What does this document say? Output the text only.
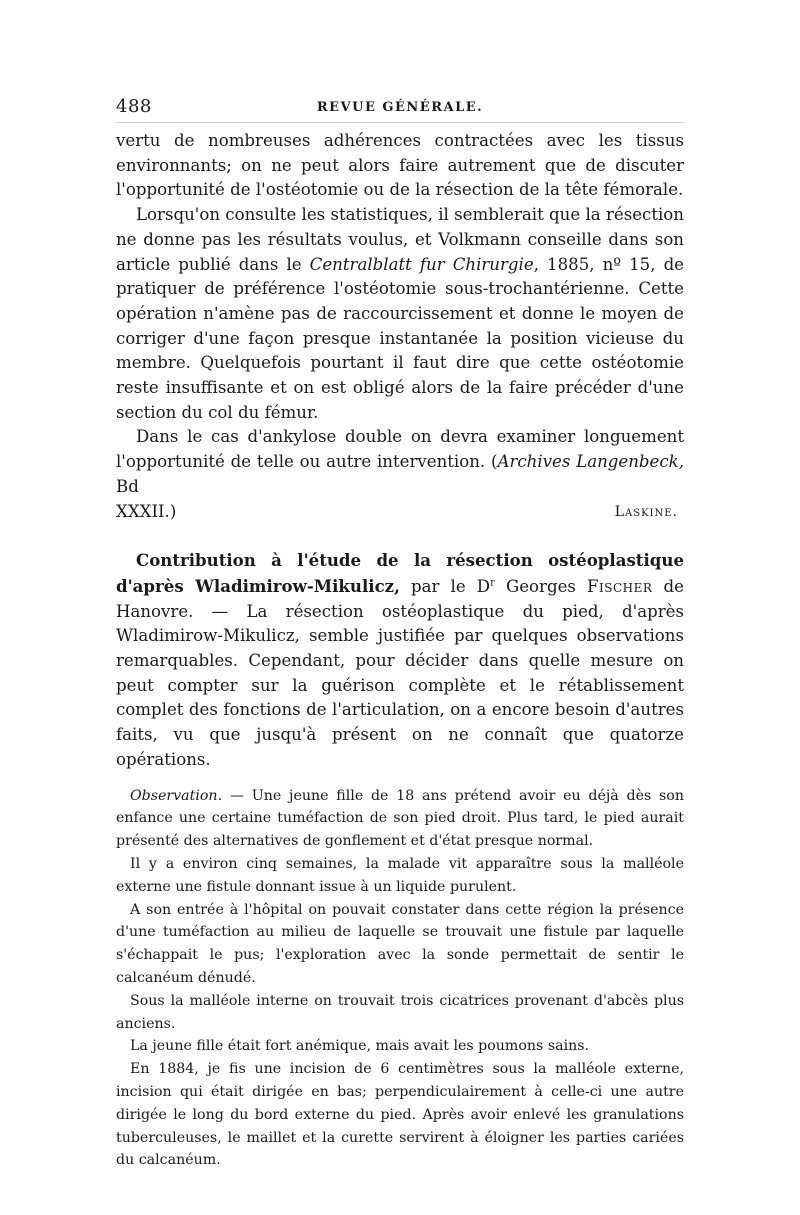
488	REVUE GÉNÉRALE.

vertu de nombreuses adhérences contractées avec les tissus environnants; on ne peut alors faire autrement que de discuter l'opportunité de l'ostéotomie ou de la résection de la tête fémorale.

Lorsqu'on consulte les statistiques, il semblerait que la résection ne donne pas les résultats voulus, et Volkmann conseille dans son article publié dans le Centralblatt fur Chirurgie, 1885, nº 15, de pratiquer de préférence l'ostéotomie sous-trochantérienne. Cette opération n'amène pas de raccourcissement et donne le moyen de corriger d'une façon presque instantanée la position vicieuse du membre. Quelquefois pourtant il faut dire que cette ostéotomie reste insuffisante et on est obligé alors de la faire précéder d'une section du col du fémur.

Dans le cas d'ankylose double on devra examiner longuement l'opportunité de telle ou autre intervention. (Archives Langenbeck, Bd

XXXII.)	Laskine.

Contribution à l'étude de la résection ostéoplastique d'après Wladimirow-Mikulicz, par le $D^r$ Georges Fischer de Hanovre. — La résection ostéoplastique du pied, d'après Wladimirow-Mikulicz, semble justifiée par quelques observations remarquables. Cependant, pour décider dans quelle mesure on peut compter sur la guérison complète et le rétablissement complet des fonctions de l'articulation, on a encore besoin d'autres faits, vu que jusqu'à présent on ne connaît que quatorze opérations.

Observation. — Une jeune fille de 18 ans prétend avoir eu déjà dès son enfance une certaine tuméfaction de son pied droit. Plus tard, le pied aurait présenté des alternatives de gonflement et d'état presque normal.

Il y a environ cinq semaines, la malade vit apparaître sous la malléole externe une fistule donnant issue à un liquide purulent.

A son entrée à l'hôpital on pouvait constater dans cette région la présence d'une tuméfaction au milieu de laquelle se trouvait une fistule par laquelle s'échappait le pus; l'exploration avec la sonde permettait de sentir le calcanéum dénudé.

Sous la malléole interne on trouvait trois cicatrices provenant d'abcès plus anciens.

La jeune fille était fort anémique, mais avait les poumons sains.

En 1884, je fis une incision de 6 centimètres sous la malléole externe, incision qui était dirigée en bas; perpendiculairement à celle-ci une autre dirigée le long du bord externe du pied. Après avoir enlevé les granulations tuberculeuses, le maillet et la curette servirent à éloigner les parties cariées du calcanéum.
